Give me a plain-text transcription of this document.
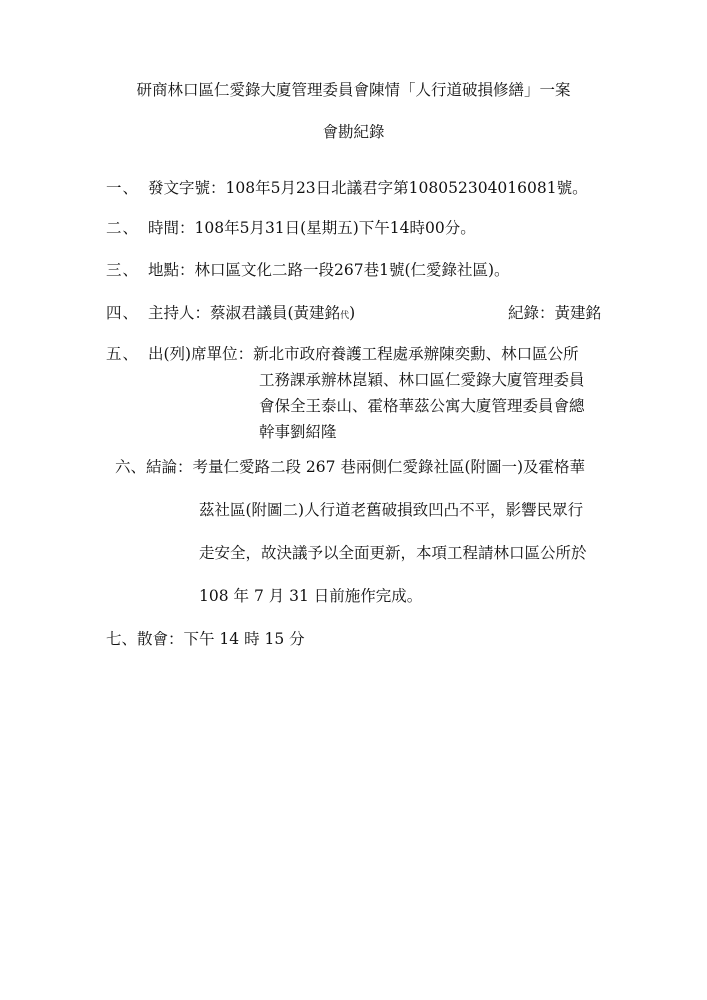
研商林口區仁愛錄大廈管理委員會陳情「人行道破損修繕」一案
會勘紀錄
一、 發文字號：108年5月23日北議君字第108052304016081號。
二、 時間：108年5月31日(星期五)下午14時00分。
三、 地點：林口區文化二路一段267巷1號(仁愛錄社區)。
四、 主持人：蔡淑君議員(黃建銘代)	紀錄：黃建銘
五、 出(列)席單位：新北市政府養護工程處承辦陳奕勳、林口區公所
工務課承辦林崑穎、林口區仁愛錄大廈管理委員
會保全王泰山、霍格華茲公寓大廈管理委員會總
幹事劉紹隆
六、結論：考量仁愛路二段 267 巷兩側仁愛錄社區(附圖一)及霍格華
茲社區(附圖二)人行道老舊破損致凹凸不平，影響民眾行
走安全，故決議予以全面更新，本項工程請林口區公所於
108 年 7 月 31 日前施作完成。
七、散會：下午 14 時 15 分
